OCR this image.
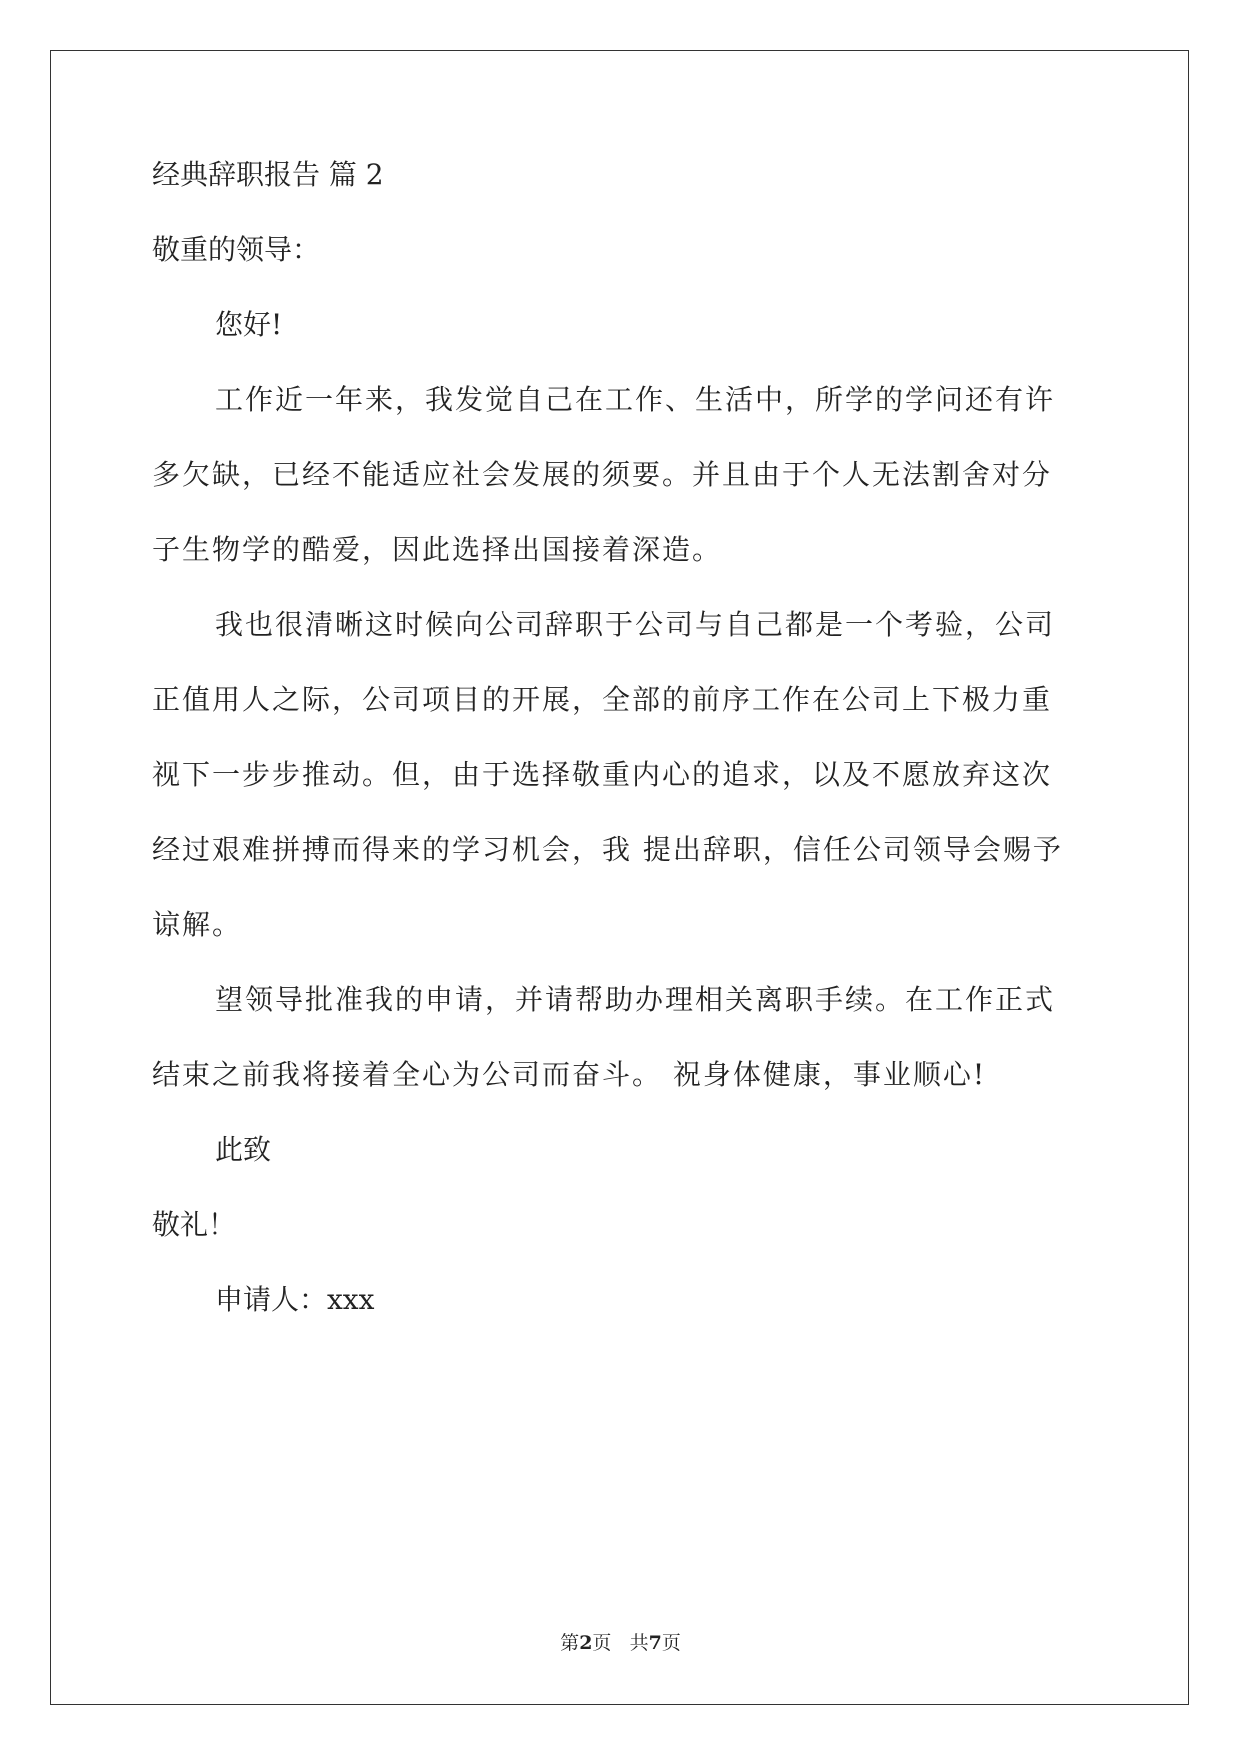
经典辞职报告 篇 2

敬重的领导：

您好!

工作近一年来，我发觉自己在工作、生活中，所学的学问还有许
多欠缺，已经不能适应社会发展的须要。并且由于个人无法割舍对分
子生物学的酷爱，因此选择出国接着深造。
我也很清晰这时候向公司辞职于公司与自己都是一个考验，公司
正值用人之际，公司项目的开展，全部的前序工作在公司上下极力重
视下一步步推动。但，由于选择敬重内心的追求，以及不愿放弃这次
经过艰难拼搏而得来的学习机会，我 提出辞职，信任公司领导会赐予
谅解。
望领导批准我的申请，并请帮助办理相关离职手续。在工作正式
结束之前我将接着全心为公司而奋斗。 祝身体健康，事业顺心!

此致

敬礼！

申请人：xxx

第2页 共7页
